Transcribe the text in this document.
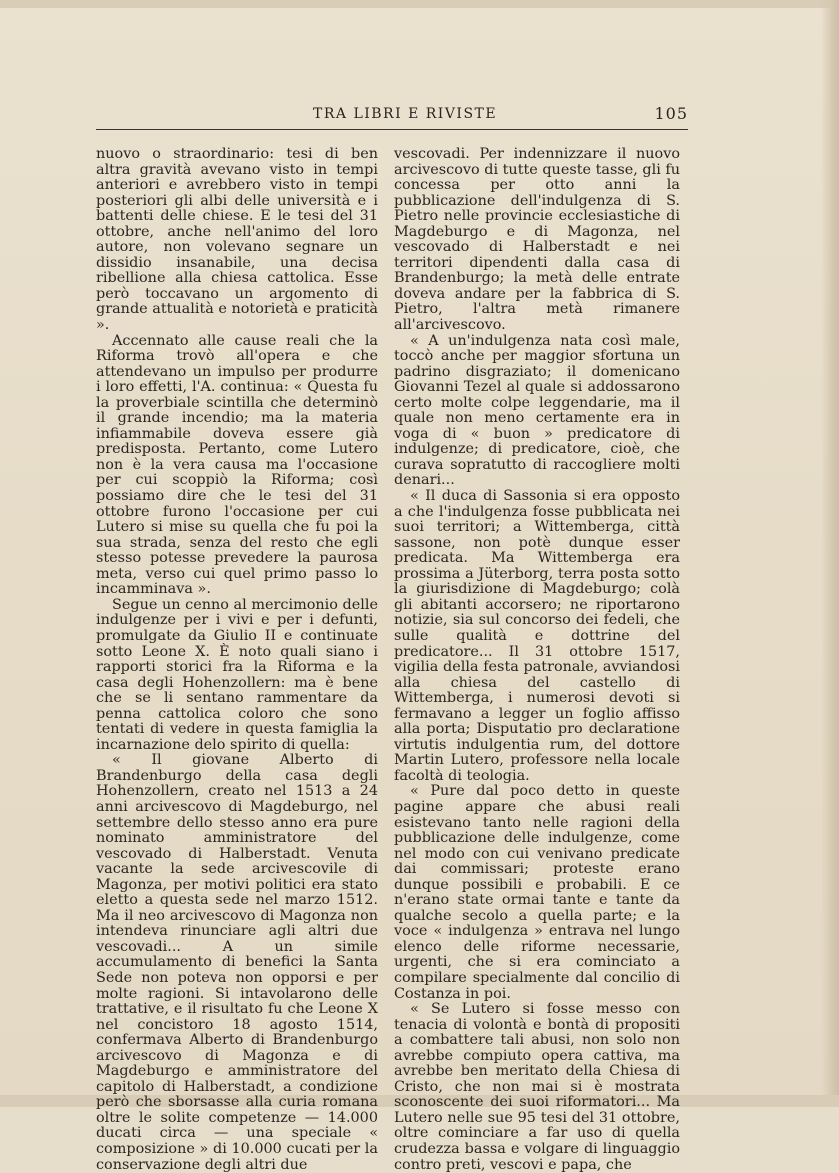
TRA LIBRI E RIVISTE	105

nuovo o straordinario: tesi di ben altra gravità avevano visto in tempi anteriori e avrebbero visto in tempi posteriori gli albi delle università e i battenti delle chiese. E le tesi del 31 ottobre, anche nell'animo del loro autore, non volevano segnare un dissidio insanabile, una decisa ribellione alla chiesa cattolica. Esse però toccavano un argomento di grande attualità e notorietà e praticità ».

Accennato alle cause reali che la Riforma trovò all'opera e che attendevano un impulso per produrre i loro effetti, l'A. continua: « Questa fu la proverbiale scintilla che determinò il grande incendio; ma la materia infiammabile doveva essere già predisposta. Pertanto, come Lutero non è la vera causa ma l'occasione per cui scoppiò la Riforma; così possiamo dire che le tesi del 31 ottobre furono l'occasione per cui Lutero si mise su quella che fu poi la sua strada, senza del resto che egli stesso potesse prevedere la paurosa meta, verso cui quel primo passo lo incamminava ».

Segue un cenno al mercimonio delle indulgenze per i vivi e per i defunti, promulgate da Giulio II e continuate sotto Leone X. È noto quali siano i rapporti storici fra la Riforma e la casa degli Hohenzollern: ma è bene che se li sentano rammentare da penna cattolica coloro che sono tentati di vedere in questa famiglia la incarnazione delo spirito di quella:

« Il giovane Alberto di Brandenburgo della casa degli Hohenzollern, creato nel 1513 a 24 anni arcivescovo di Magdeburgo, nel settembre dello stesso anno era pure nominato amministratore del vescovado di Halberstadt. Venuta vacante la sede arcivescovile di Magonza, per motivi politici era stato eletto a questa sede nel marzo 1512. Ma il neo arcivescovo di Magonza non intendeva rinunciare agli altri due vescovadi... A un simile accumulamento di benefici la Santa Sede non poteva non opporsi e per molte ragioni. Si intavolarono delle trattative, e il risultato fu che Leone X nel concistoro 18 agosto 1514, confermava Alberto di Brandenburgo arcivescovo di Magonza e di Magdeburgo e amministratore del capitolo di Halberstadt, a condizione però che sborsasse alla curia romana oltre le solite competenze — 14.000 ducati circa — una speciale « composizione » di 10.000 cucati per la conservazione degli altri due

vescovadi. Per indennizzare il nuovo arcivescovo di tutte queste tasse, gli fu concessa per otto anni la pubblicazione dell'indulgenza di S. Pietro nelle provincie ecclesiastiche di Magdeburgo e di Magonza, nel vescovado di Halberstadt e nei territori dipendenti dalla casa di Brandenburgo; la metà delle entrate doveva andare per la fabbrica di S. Pietro, l'altra metà rimanere all'arcivescovo.

« A un'indulgenza nata così male, toccò anche per maggior sfortuna un padrino disgraziato; il domenicano Giovanni Tezel al quale si addossarono certo molte colpe leggendarie, ma il quale non meno certamente era in voga di « buon » predicatore di indulgenze; di predicatore, cioè, che curava sopratutto di raccogliere molti denari...

« Il duca di Sassonia si era opposto a che l'indulgenza fosse pubblicata nei suoi territori; a Wittemberga, città sassone, non potè dunque esser predicata. Ma Wittemberga era prossima a Jüterborg, terra posta sotto la giurisdizione di Magdeburgo; colà gli abitanti accorsero; ne riportarono notizie, sia sul concorso dei fedeli, che sulle qualità e dottrine del predicatore... Il 31 ottobre 1517, vigilia della festa patronale, avviandosi alla chiesa del castello di Wittemberga, i numerosi devoti si fermavano a legger un foglio affisso alla porta; Disputatio pro declaratione virtutis indulgentia rum, del dottore Martin Lutero, professore nella locale facoltà di teologia.

« Pure dal poco detto in queste pagine appare che abusi reali esistevano tanto nelle ragioni della pubblicazione delle indulgenze, come nel modo con cui venivano predicate dai commissari; proteste erano dunque possibili e probabili. E ce n'erano state ormai tante e tante da qualche secolo a quella parte; e la voce « indulgenza » entrava nel lungo elenco delle riforme necessarie, urgenti, che si era cominciato a compilare specialmente dal concilio di Costanza in poi.

« Se Lutero si fosse messo con tenacia di volontà e bontà di propositi a combattere tali abusi, non solo non avrebbe compiuto opera cattiva, ma avrebbe ben meritato della Chiesa di Cristo, che non mai si è mostrata sconoscente dei suoi riformatori... Ma Lutero nelle sue 95 tesi del 31 ottobre, oltre cominciare a far uso di quella crudezza bassa e volgare di linguaggio contro preti, vescovi e papa, che
